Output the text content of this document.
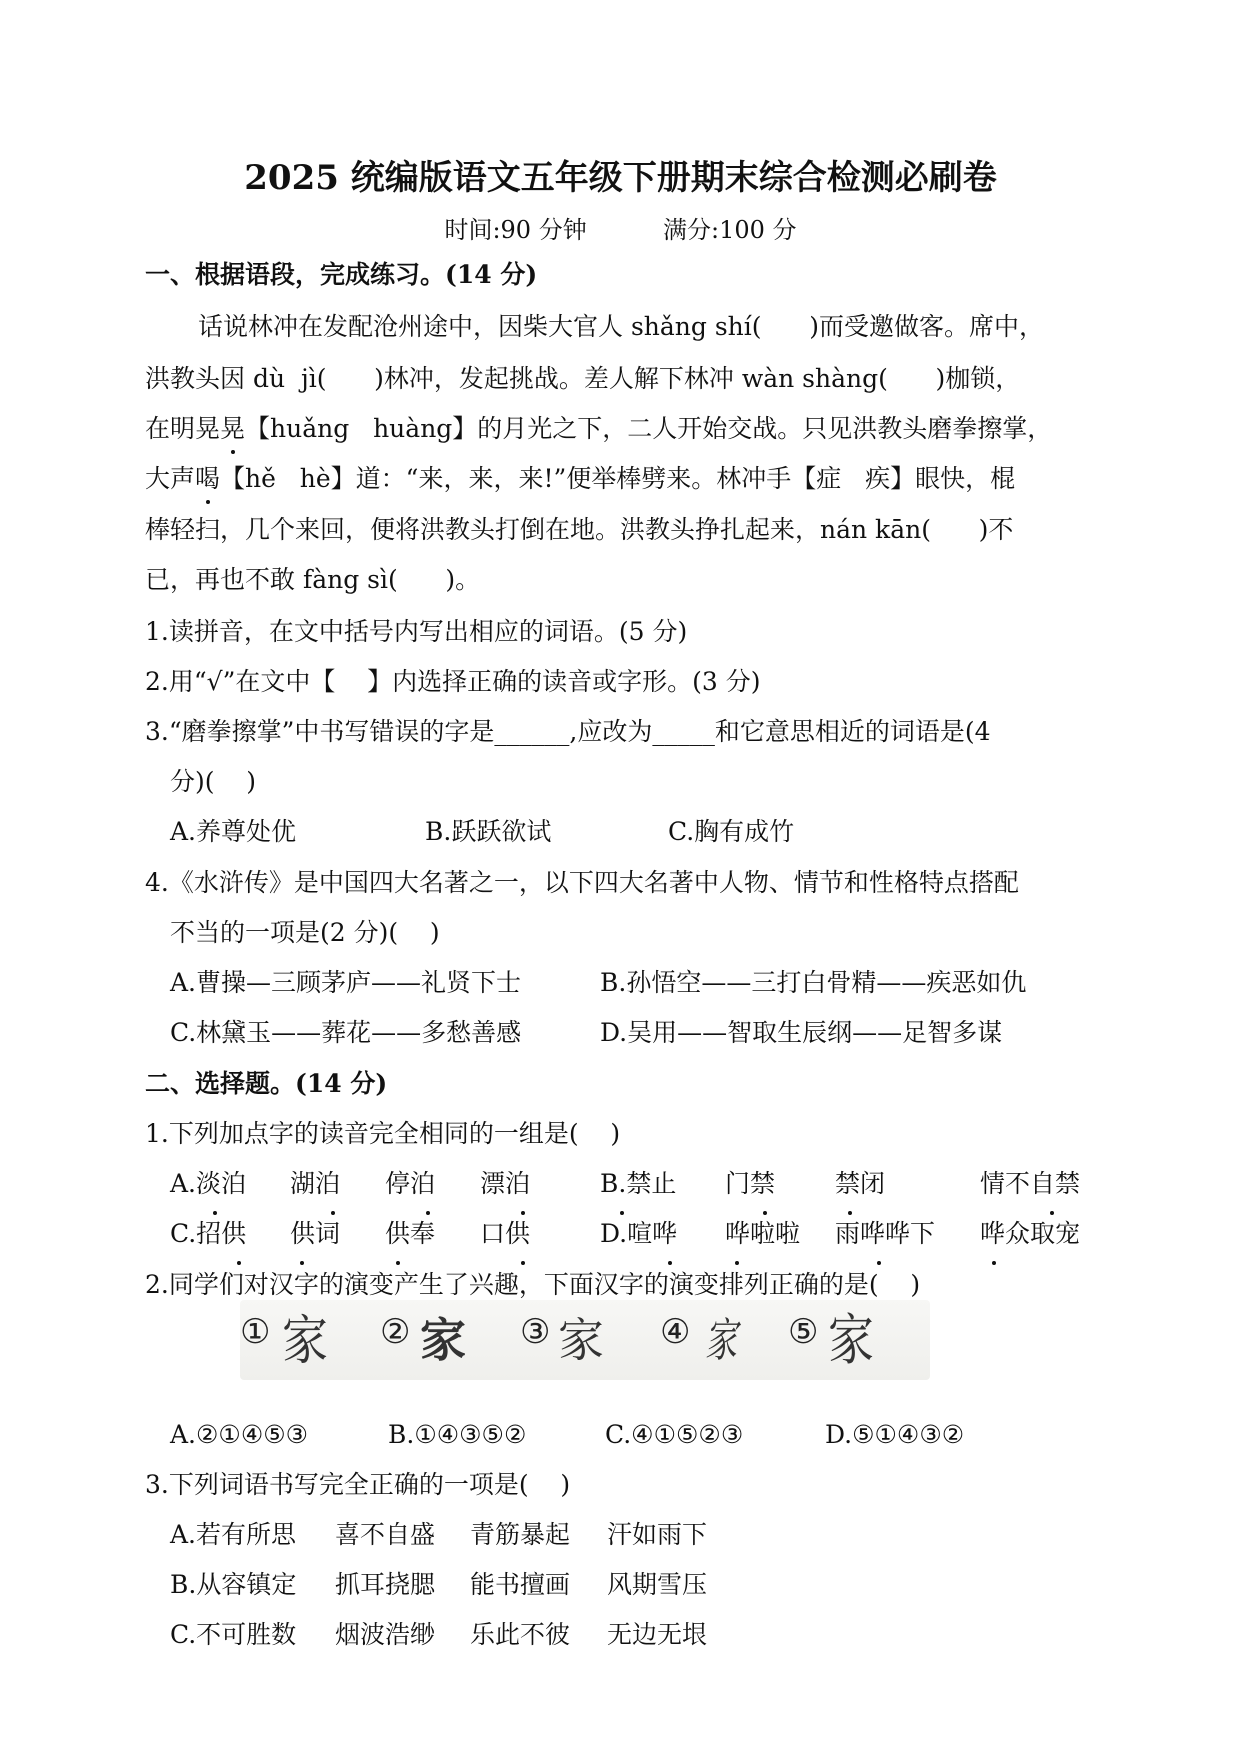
2025 统编版语文五年级下册期末综合检测必刷卷
时间:90 分钟          满分:100 分
一、根据语段，完成练习。(14 分)
话说林冲在发配沧州途中，因柴大官人 shǎng shí(      )而受邀做客。席中，
洪教头因 dù  jì(      )林冲，发起挑战。差人解下林冲 wàn shàng(      )枷锁，
在明晃晃【huǎng   huàng】的月光之下，二人开始交战。只见洪教头磨拳擦掌，
大声喝【hě   hè】道：“来，来，来!”便举棒劈来。林冲手【症   疾】眼快，棍
棒轻扫，几个来回，便将洪教头打倒在地。洪教头挣扎起来，nán kān(      )不
已，再也不敢 fàng sì(      )。
1.读拼音，在文中括号内写出相应的词语。(5 分)
2.用“√”在文中【    】内选择正确的读音或字形。(3 分)
3.“磨拳擦掌”中书写错误的字是______,应改为_____和它意思相近的词语是(4
分)(    )
A.养尊处优	B.跃跃欲试	C.胸有成竹
4.《水浒传》是中国四大名著之一，以下四大名著中人物、情节和性格特点搭配
不当的一项是(2 分)(    )
A.曹操—三顾茅庐——礼贤下士	B.孙悟空——三打白骨精——疾恶如仇
C.林黛玉——葬花——多愁善感	D.吴用——智取生辰纲——足智多谋
二、选择题。(14 分)
1.下列加点字的读音完全相同的一组是(    )
A.淡泊 湖泊 停泊 漂泊	B.禁止 门禁 禁闭	情不自禁
C.招供 供词 供奉 口供	D.喧哗 哗啦啦 雨哗哗下 哗众取宠
2.同学们对汉字的演变产生了兴趣，下面汉字的演变排列正确的是(    )
① 家 ② 家 ③ 家 ④ 家 ⑤ 家
A.②①④⑤③	B.①④③⑤②	C.④①⑤②③	D.⑤①④③②
3.下列词语书写完全正确的一项是(    )
A.若有所思 喜不自盛 青筋暴起 汗如雨下
B.从容镇定 抓耳挠腮 能书擅画 风期雪压
C.不可胜数 烟波浩缈 乐此不彼 无边无垠
